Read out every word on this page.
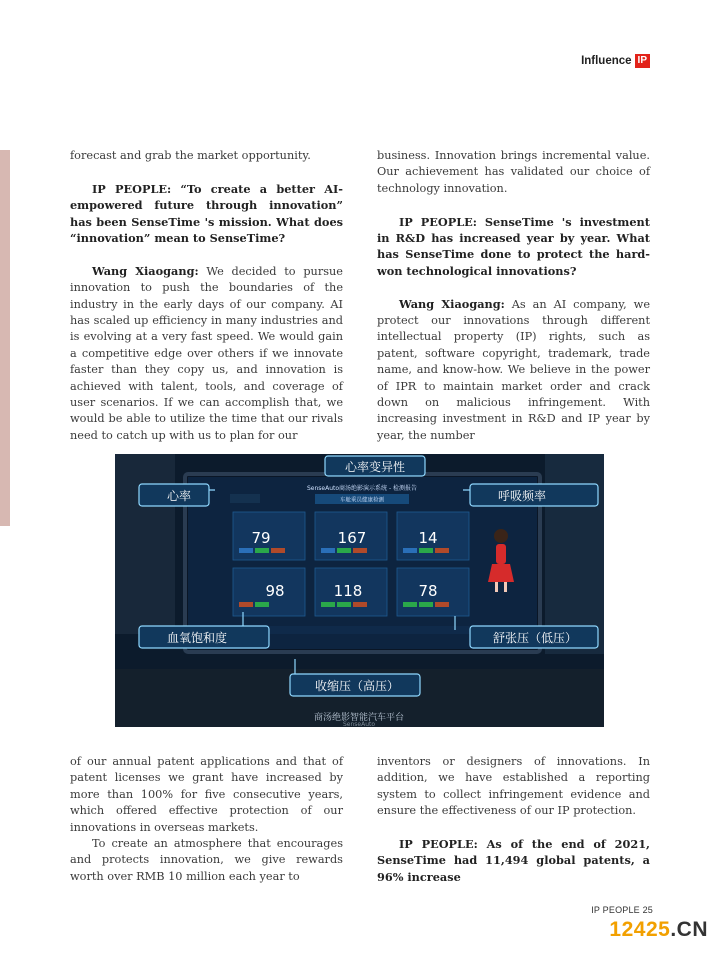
Influence IP

forecast and grab the market opportunity.

IP PEOPLE: “To create a better AI-empowered future through innovation” has been SenseTime 's mission. What does “innovation” mean to SenseTime?

Wang Xiaogang: We decided to pursue innovation to push the boundaries of the industry in the early days of our company. AI has scaled up efficiency in many industries and is evolving at a very fast speed. We would gain a competitive edge over others if we innovate faster than they copy us, and innovation is achieved with talent, tools, and coverage of user scenarios. If we can accomplish that, we would be able to utilize the time that our rivals need to catch up with us to plan for our

business. Innovation brings incremental value. Our achievement has validated our choice of technology innovation.

IP PEOPLE: SenseTime 's investment in R&D has increased year by year. What has SenseTime done to protect the hard-won technological innovations?

Wang Xiaogang: As an AI company, we protect our innovations through different intellectual property (IP) rights, such as patent, software copyright, trademark, trade name, and know-how. We believe in the power of IPR to maintain market order and crack down on malicious infringement. With increasing investment in R&D and IP year by year, the number

SenseAuto商汤绝影演示系统 - 检测报告
车舱乘员健康检测
79	167	14
98	118	78
心率变异性
心率	呼吸频率
血氧饱和度	舒张压（低压）
收缩压（高压）
商汤绝影智能汽车平台
SenseAuto

of our annual patent applications and that of patent licenses we grant have increased by more than 100% for five consecutive years, which offered effective protection of our innovations in overseas markets.

To create an atmosphere that encourages and protects innovation, we give rewards worth over RMB 10 million each year to

inventors or designers of innovations. In addition, we have established a reporting system to collect infringement evidence and ensure the effectiveness of our IP protection.

IP PEOPLE: As of the end of 2021, SenseTime had 11,494 global patents, a 96% increase

IP PEOPLE 25
12425.CN
